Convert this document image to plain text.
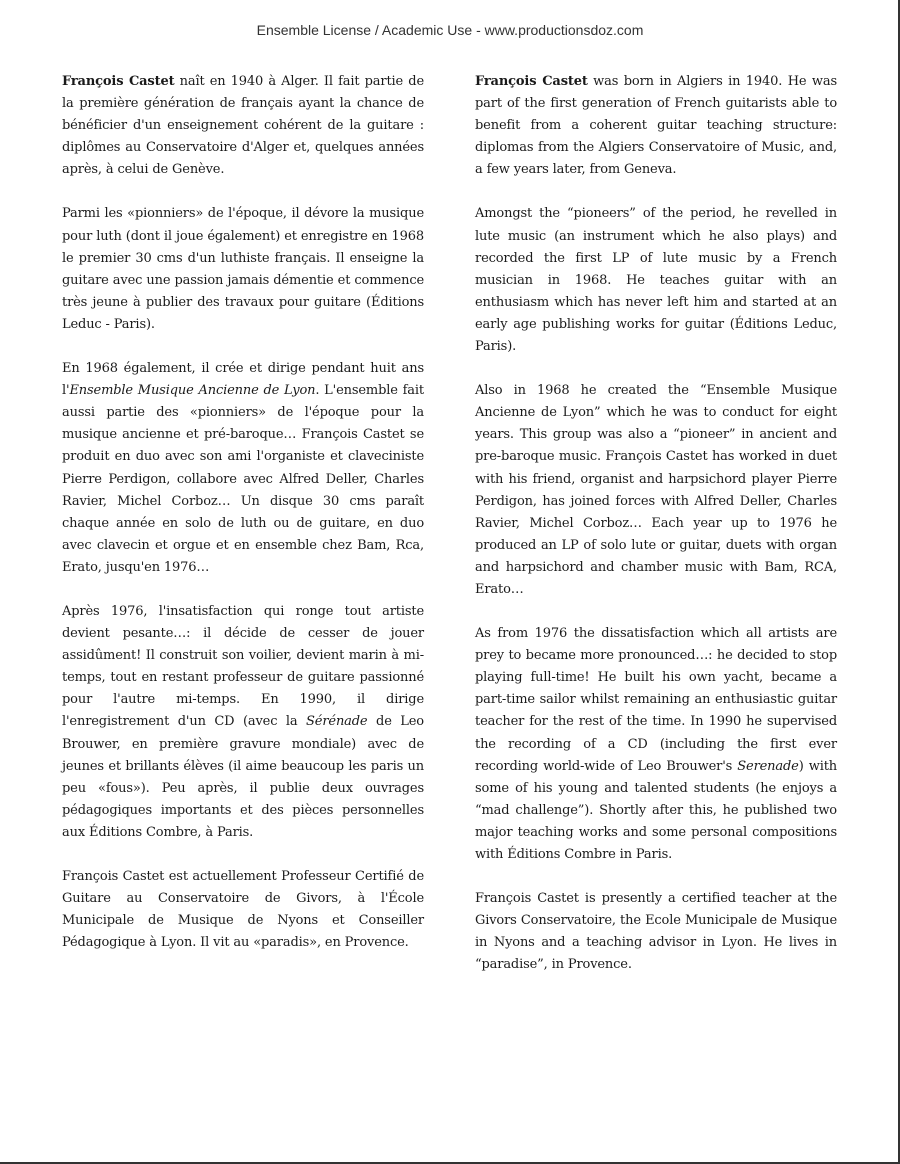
Ensemble License / Academic Use - www.productionsdoz.com

François Castet naît en 1940 à Alger. Il fait partie de la première génération de français ayant la chance de bénéficier d'un enseignement cohérent de la guitare : diplômes au Conservatoire d'Alger et, quelques années après, à celui de Genève.

Parmi les «pionniers» de l'époque, il dévore la musique pour luth (dont il joue également) et enregistre en 1968 le premier 30 cms d'un luthiste français. Il enseigne la guitare avec une passion jamais démentie et commence très jeune à publier des travaux pour guitare (Éditions Leduc - Paris).

En 1968 également, il crée et dirige pendant huit ans l'Ensemble Musique Ancienne de Lyon. L'ensemble fait aussi partie des «pionniers» de l'époque pour la musique ancienne et pré-baroque… François Castet se produit en duo avec son ami l'organiste et claveciniste Pierre Perdigon, collabore avec Alfred Deller, Charles Ravier, Michel Corboz… Un disque 30 cms paraît chaque année en solo de luth ou de guitare, en duo avec clavecin et orgue et en ensemble chez Bam, Rca, Erato, jusqu'en 1976…

Après 1976, l'insatisfaction qui ronge tout artiste devient pesante…: il décide de cesser de jouer assidûment! Il construit son voilier, devient marin à mi-temps, tout en restant professeur de guitare passionné pour l'autre mi-temps. En 1990, il dirige l'enregistrement d'un CD (avec la Sérénade de Leo Brouwer, en première gravure mondiale) avec de jeunes et brillants élèves (il aime beaucoup les paris un peu «fous»). Peu après, il publie deux ouvrages pédagogiques importants et des pièces personnelles aux Éditions Combre, à Paris.

François Castet est actuellement Professeur Certifié de Guitare au Conservatoire de Givors, à l'École Municipale de Musique de Nyons et Conseiller Pédagogique à Lyon. Il vit au «paradis», en Provence.

François Castet was born in Algiers in 1940. He was part of the first generation of French guitarists able to benefit from a coherent guitar teaching structure: diplomas from the Algiers Conservatoire of Music, and, a few years later, from Geneva.

Amongst the “pioneers” of the period, he revelled in lute music (an instrument which he also plays) and recorded the first LP of lute music by a French musician in 1968. He teaches guitar with an enthusiasm which has never left him and started at an early age publishing works for guitar (Éditions Leduc, Paris).

Also in 1968 he created the “Ensemble Musique Ancienne de Lyon” which he was to conduct for eight years. This group was also a “pioneer” in ancient and pre-baroque music. François Castet has worked in duet with his friend, organist and harpsichord player Pierre Perdigon, has joined forces with Alfred Deller, Charles Ravier, Michel Corboz… Each year up to 1976 he produced an LP of solo lute or guitar, duets with organ and harpsichord and chamber music with Bam, RCA, Erato…

As from 1976 the dissatisfaction which all artists are prey to became more pronounced…: he decided to stop playing full-time! He built his own yacht, became a part-time sailor whilst remaining an enthusiastic guitar teacher for the rest of the time. In 1990 he supervised the recording of a CD (including the first ever recording world-wide of Leo Brouwer's Serenade) with some of his young and talented students (he enjoys a “mad challenge”). Shortly after this, he published two major teaching works and some personal compositions with Éditions Combre in Paris.

François Castet is presently a certified teacher at the Givors Conservatoire, the Ecole Municipale de Musique in Nyons and a teaching advisor in Lyon. He lives in “paradise”, in Provence.
